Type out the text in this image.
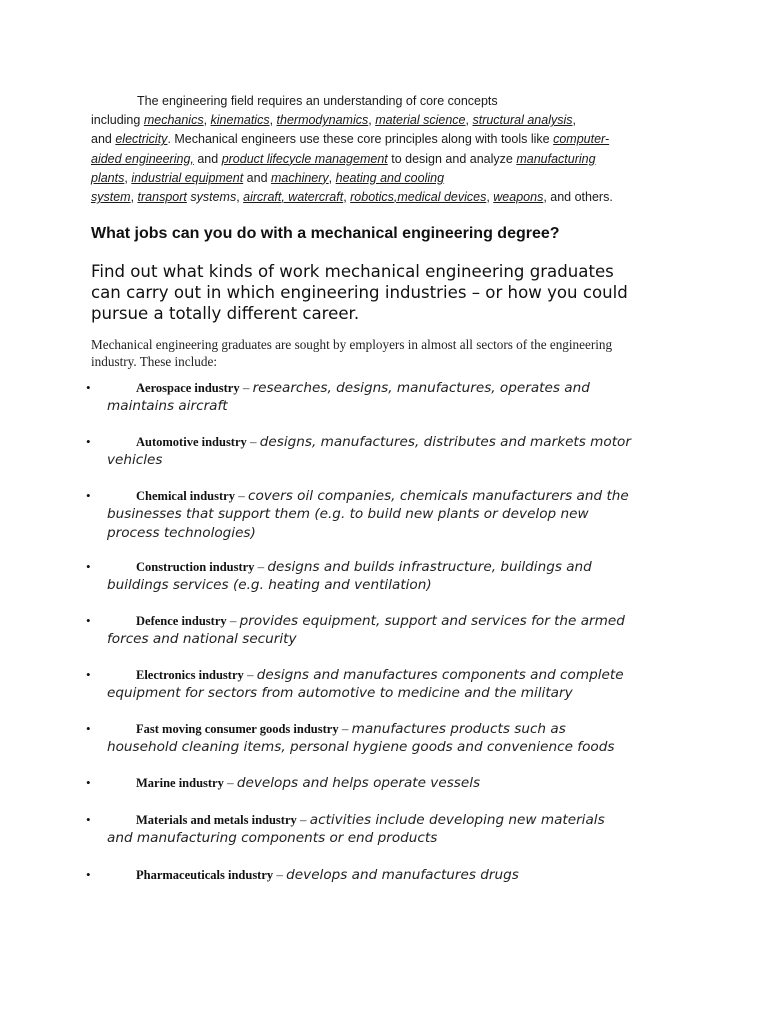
The engineering field requires an understanding of core concepts
including mechanics, kinematics, thermodynamics, material science, structural analysis,
and electricity. Mechanical engineers use these core principles along with tools like computer-
aided engineering, and product lifecycle management to design and analyze manufacturing
plants, industrial equipment and machinery, heating and cooling
system, transport systems, aircraft, watercraft, robotics,medical devices, weapons, and others.
What jobs can you do with a mechanical engineering degree?
Find out what kinds of work mechanical engineering graduates
can carry out in which engineering industries – or how you could
pursue a totally different career.
Mechanical engineering graduates are sought by employers in almost all sectors of the engineering
industry. These include:
•	Aerospace industry – researches, designs, manufactures, operates and
maintains aircraft
•	Automotive industry – designs, manufactures, distributes and markets motor
vehicles
•	Chemical industry – covers oil companies, chemicals manufacturers and the
businesses that support them (e.g. to build new plants or develop new
process technologies)
•	Construction industry – designs and builds infrastructure, buildings and
buildings services (e.g. heating and ventilation)
•	Defence industry – provides equipment, support and services for the armed
forces and national security
•	Electronics industry – designs and manufactures components and complete
equipment for sectors from automotive to medicine and the military
•	Fast moving consumer goods industry – manufactures products such as
household cleaning items, personal hygiene goods and convenience foods
•	Marine industry – develops and helps operate vessels
•	Materials and metals industry – activities include developing new materials
and manufacturing components or end products
•	Pharmaceuticals industry – develops and manufactures drugs
